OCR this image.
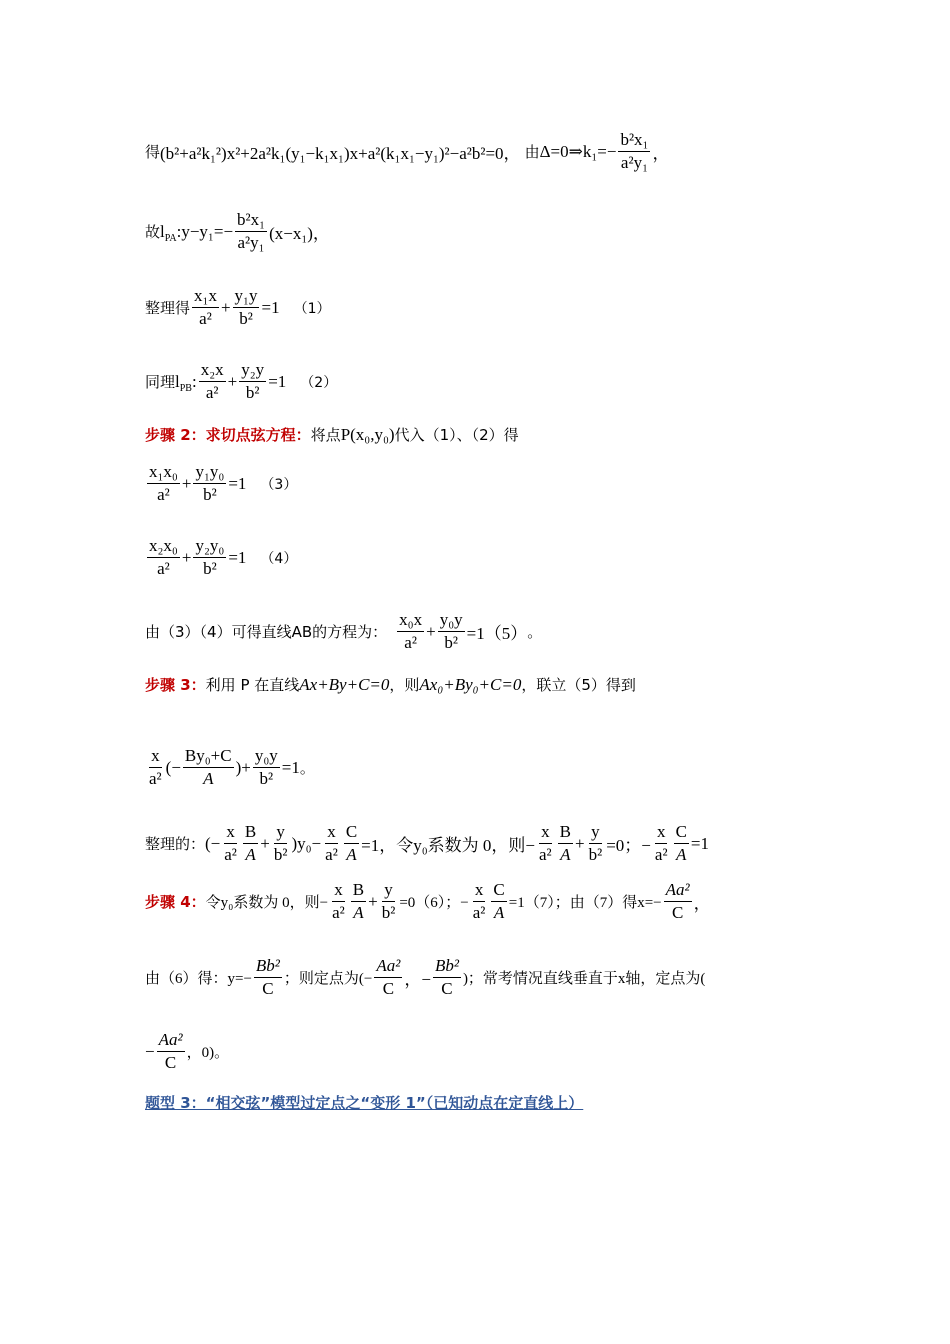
得 (b²+a²k₁²)x²+2a²k₁(y₁−k₁x₁)x+a²(k₁x₁−y₁)²−a²b²=0， 由 Δ=0⇒k₁=− $\frac{\text{b²x₁}}{\text{a²y₁}}$ ，
故 $l_{PA}$ :y−y₁=− $\frac{\text{b²x₁}}{\text{a²y₁}} (x-x_1)$，
整理得 $\frac{\text{x₁x}}{\text{a²}} + \frac{\text{y₁y}}{\text{b²}} =1$ （1）
同理 $l_{PB}$ : $\frac{\text{x₂x}}{\text{a²}} + \frac{\text{y₂y}}{\text{b²}} =1$ （2）
步骤 2：求切点弦方程： 将点 P(x₀,y₀) 代入（1）、（2）得
$\frac{\text{x₁x₀}}{\text{a²}} + \frac{\text{y₁y₀}}{\text{b²}} =1$ （3）
$\frac{\text{x₂x₀}}{\text{a²}} + \frac{\text{y₂y₀}}{\text{b²}} =1$ （4）
由（3）（4）可得直线 AB的方程为： $\frac{\text{x₀x}}{\text{a²}} + \frac{\text{y₀y}}{\text{b²}} =1(5)$ 。
步骤 3： 利用 P 在直线 Ax+By+C=0 ，则 Ax₀+By₀+C=0 ，联立（5）得到
$\frac{x}{\text{a²}}$ (− $\frac{\text{By₀+C}}{A}$ )+ $\frac{\text{y₀y}}{\text{b²}} =1$ 。
整理的： (− $\frac{x}{\text{a²}} \frac{B}{A} + \frac{y}{\text{b²}} )y_0- \frac{x}{\text{a²}} \frac{C}{A} =1$，令y₀系数为 0，则− $\frac{x}{\text{a²}} \frac{B}{A} + \frac{y}{\text{b²}} =0$；− $\frac{x}{\text{a²}} \frac{C}{A} =1$
步骤 4： 令y₀系数为 0，则− $\frac{x}{\text{a²}} \frac{B}{A} + \frac{y}{\text{b²}} =0(6)$；− $\frac{x}{\text{a²}} \frac{C}{A} =1(7)$；由（7）得$x=- \frac{\text{Aa²}}{C}$ ，
由（6）得：$y=- \frac{\text{Bb²}}{C}$ ；则定点为(− $\frac{\text{Aa²}}{C}$ ，− $\frac{\text{Bb²}}{C}$ )；常考情况直线垂直于x轴，定点为(
− $\frac{\text{Aa²}}{C}$ ，0)。
题型 3：“相交弦”模型过定点之“变形 1”（已知动点在定直线上）
